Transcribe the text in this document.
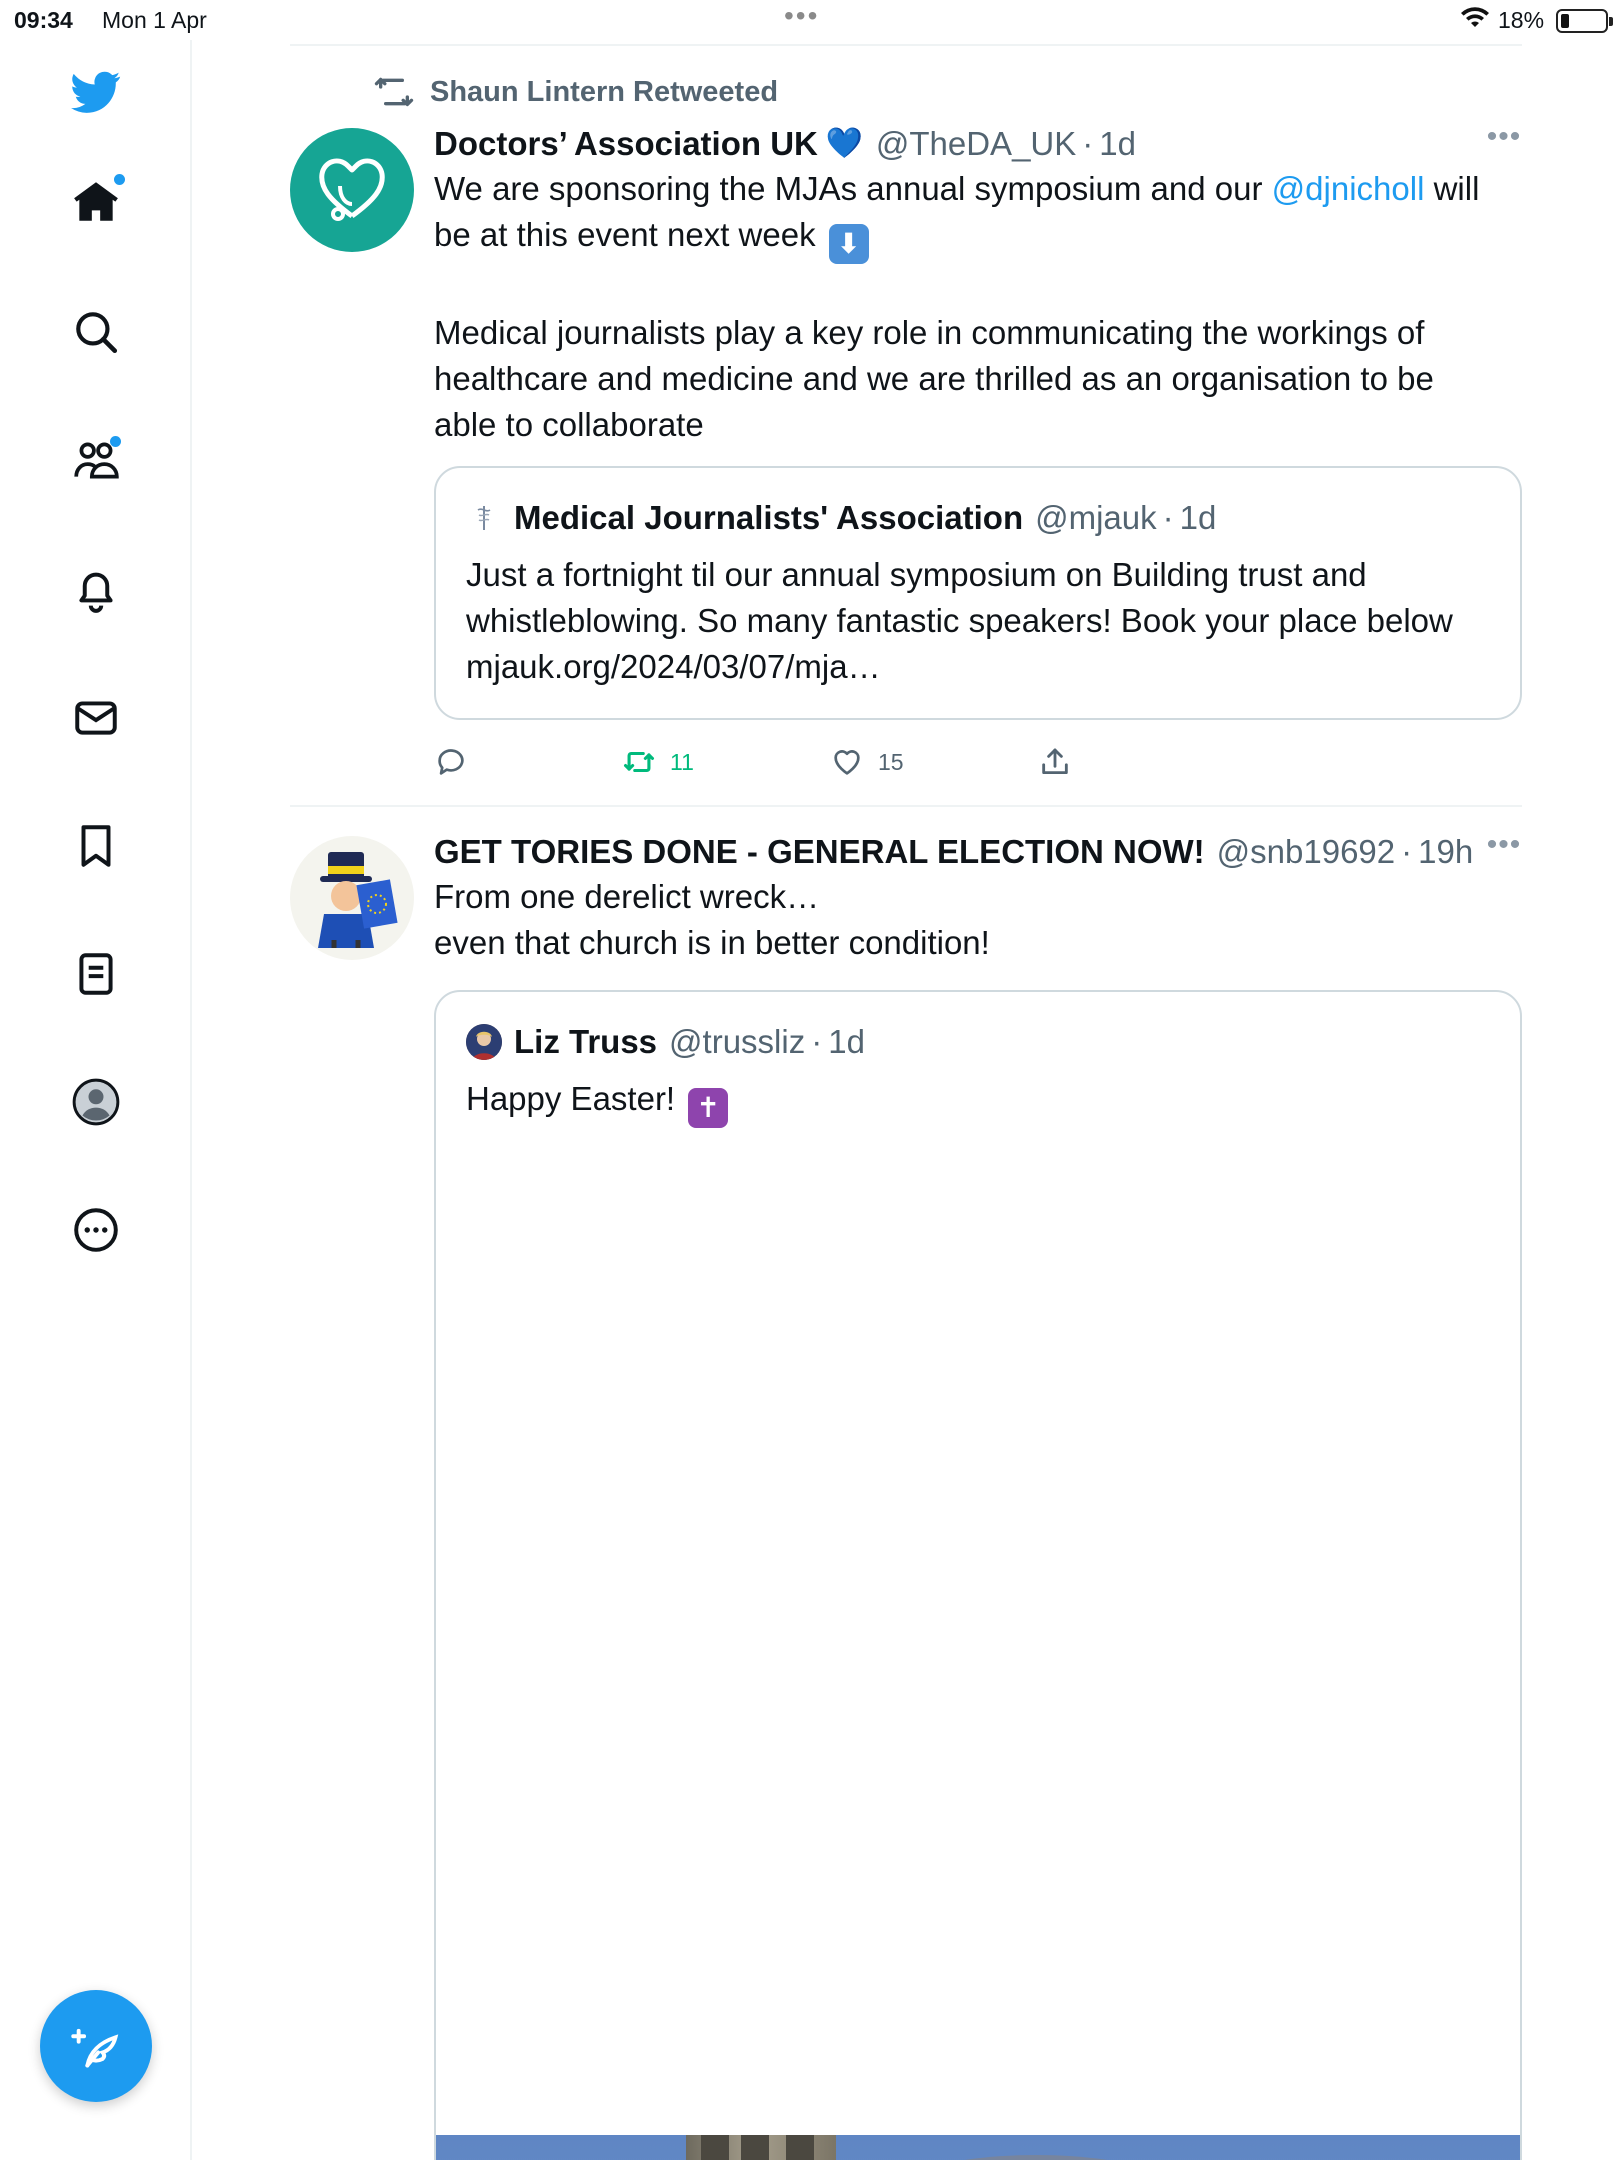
09:34 Mon 1 Apr	•••	18%
Shaun Lintern Retweeted
Doctors’ Association UK 💙 @TheDA_UK · 1d	•••

We are sponsoring the MJAs annual symposium and our @djnicholl will

be at this event next week ⬇

Medical journalists play a key role in communicating the workings of

healthcare and medicine and we are thrilled as an organisation to be

able to collaborate

Medical Journalists' Association @mjauk · 1d

Just a fortnight til our annual symposium on Building trust and

whistleblowing. So many fantastic speakers! Book your place below

mjauk.org/2024/03/07/mja…

11	15
GET TORIES DONE - GENERAL ELECTION NOW! @snb19692 · 19h •••

From one derelict wreck…

even that church is in better condition!

Liz Truss @trussliz · 1d

Happy Easter! ✝
